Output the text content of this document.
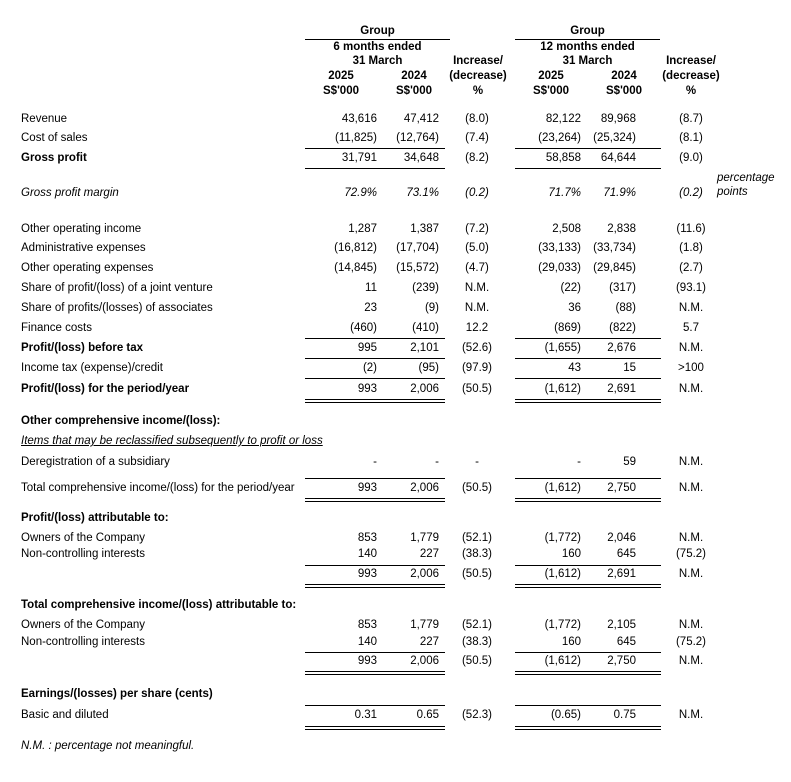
Group
6 months ended
31 March
2025	2024
S$'000	S$'000
Increase/
(decrease)
%
Group
12 months ended
31 March
2025	2024
S$'000	S$'000
Increase/
(decrease)
%
Revenue	43,616 47,412	(8.0)	82,122 89,968	(8.7)
Cost of sales	(11,825) (12,764)	(7.4)	(23,264) (25,324)	(8.1)
Gross profit	31,791 34,648	(8.2)	58,858 64,644	(9.0)
Gross profit margin	72.9%	73.1%	(0.2)	71.7% 71.9%	(0.2)
Other operating income	1,287	1,387	(7.2)	2,508 2,838	(11.6)
Administrative expenses	(16,812) (17,704)	(5.0)	(33,133) (33,734)	(1.8)
Other operating expenses	(14,845) (15,572)	(4.7)	(29,033) (29,845)	(2.7)
Share of profit/(loss) of a joint venture	11	(239)	N.M.	(22) (317)	(93.1)
Share of profits/(losses) of associates	23	(9)	N.M.	36	(88)	N.M.
Finance costs	(460)	(410)	12.2	(869) (822)	5.7
Profit/(loss) before tax	995	2,101	(52.6)	(1,655) 2,676	N.M.
Income tax (expense)/credit	(2)	(95)	(97.9)	43	15	>100
Profit/(loss) for the period/year	993	2,006	(50.5)	(1,612) 2,691	N.M.
Other comprehensive income/(loss):
Items that may be reclassified subsequently to profit or loss
Deregistration of a subsidiary	-	-	-	-	59	N.M.
Total comprehensive income/(loss) for the period/year	993	2,006	(50.5)	(1,612) 2,750	N.M.
Profit/(loss) attributable to:
Owners of the Company	853	1,779	(52.1)	(1,772) 2,046	N.M.
Non-controlling interests	140	227	(38.3)	160	645	(75.2)
993	2,006	(50.5)	(1,612) 2,691	N.M.
Total comprehensive income/(loss) attributable to:
Owners of the Company	853	1,779	(52.1)	(1,772) 2,105	N.M.
Non-controlling interests	140	227	(38.3)	160	645	(75.2)
993	2,006	(50.5)	(1,612) 2,750	N.M.
Earnings/(losses) per share (cents)
Basic and diluted	0.31	0.65	(52.3)	(0.65)	0.75	N.M.
N.M. : percentage not meaningful.
percentage
points
